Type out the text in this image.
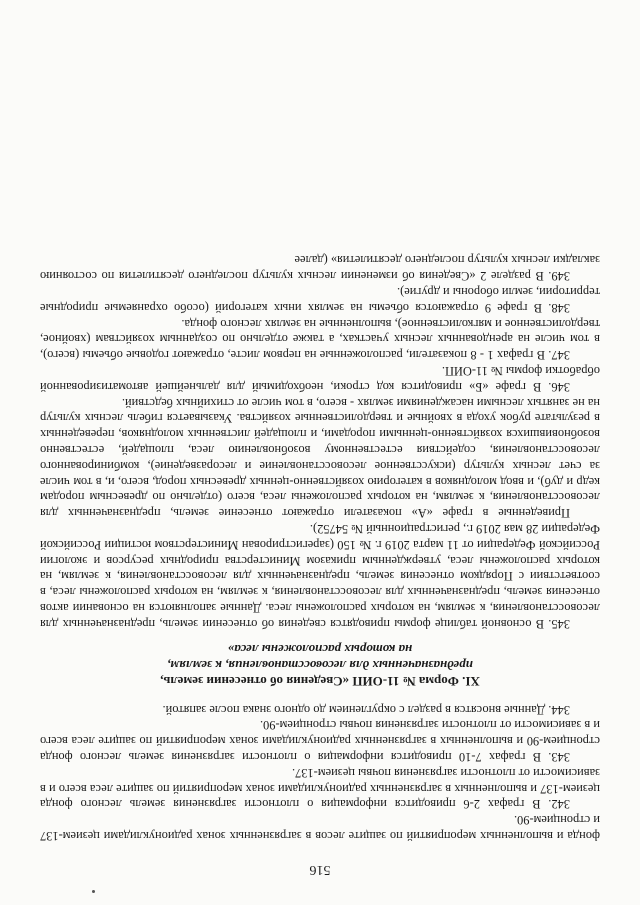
516

фонда и выполненных мероприятий по защите лесов в загрязненных зонах радионуклидами цезием-137 и стронцием-90.

342. В графах 2-6 приводится информация о плотности загрязнения земель лесного фонда цезием-137 и выполненных в загрязненных радионуклидами зонах мероприятий по защите леса всего и в зависимости от плотности загрязнения почвы цезием-137.

343. В графах 7-10 приводится информация о плотности загрязнения земель лесного фонда стронцием-90 и выполненных в загрязненных радионуклидами зонах мероприятий по защите леса всего и в зависимости от плотности загрязнения почвы стронцием-90.

344. Данные вносятся в раздел с округлением до одного знака после запятой.

XI. Форма № 11-ОИП «Сведения об отнесении земель,
предназначенных для лесовосстановления, к землям,
на которых расположены леса»

345. В основной таблице формы приводятся сведения об отнесении земель, предназначенных для лесовосстановления, к землям, на которых расположены леса. Данные заполняются на основании актов отнесения земель, предназначенных для лесовосстановления, к землям, на которых расположены леса, в соответствии с Порядком отнесения земель, предназначенных для лесовосстановления, к землям, на которых расположены леса, утвержденным приказом Министерства природных ресурсов и экологии Российской Федерации от 11 марта 2019 г. № 150 (зарегистрирован Министерством юстиции Российской Федерации 28 мая 2019 г., регистрационный № 54752).

Приведенные в графе «А» показатели отражают отнесение земель, предназначенных для лесовосстановления, к землям, на которых расположены леса, всего (отдельно по древесным породам кедр и дуб), и ввод молодняков в категорию хозяйственно-ценных древесных пород, всего, и, в том числе за счет лесных культур (искусственное лесовосстановление и лесоразведение), комбинированного лесовосстановления, содействия естественному возобновлению леса, площадей, естественно возобновившихся хозяйственно-ценными породами, и площадей лиственных молодняков, переведенных в результате рубок ухода в хвойные и твердолиственные хозяйства. Указывается гибель лесных культур на не занятых лесными насаждениями землях - всего, в том числе от стихийных бедствий.

346. В графе «Б» приводится код строки, необходимый для дальнейшей автоматизированной обработки формы № 11-ОИП.

347. В графах 1 - 8 показатели, расположенные на первом листе, отражают годовые объемы (всего), в том числе на арендованных лесных участках, а также отдельно по созданным хозяйствам (хвойное, твердолиственное и мягколиственное), выполненные на землях лесного фонда.

348. В графе 9 отражаются объемы на землях иных категорий (особо охраняемые природные территории, земли обороны и другие).

349. В разделе 2 «Сведения об изменении лесных культур последнего десятилетия по состоянию закладки лесных культур последнего десятилетия» (далее
